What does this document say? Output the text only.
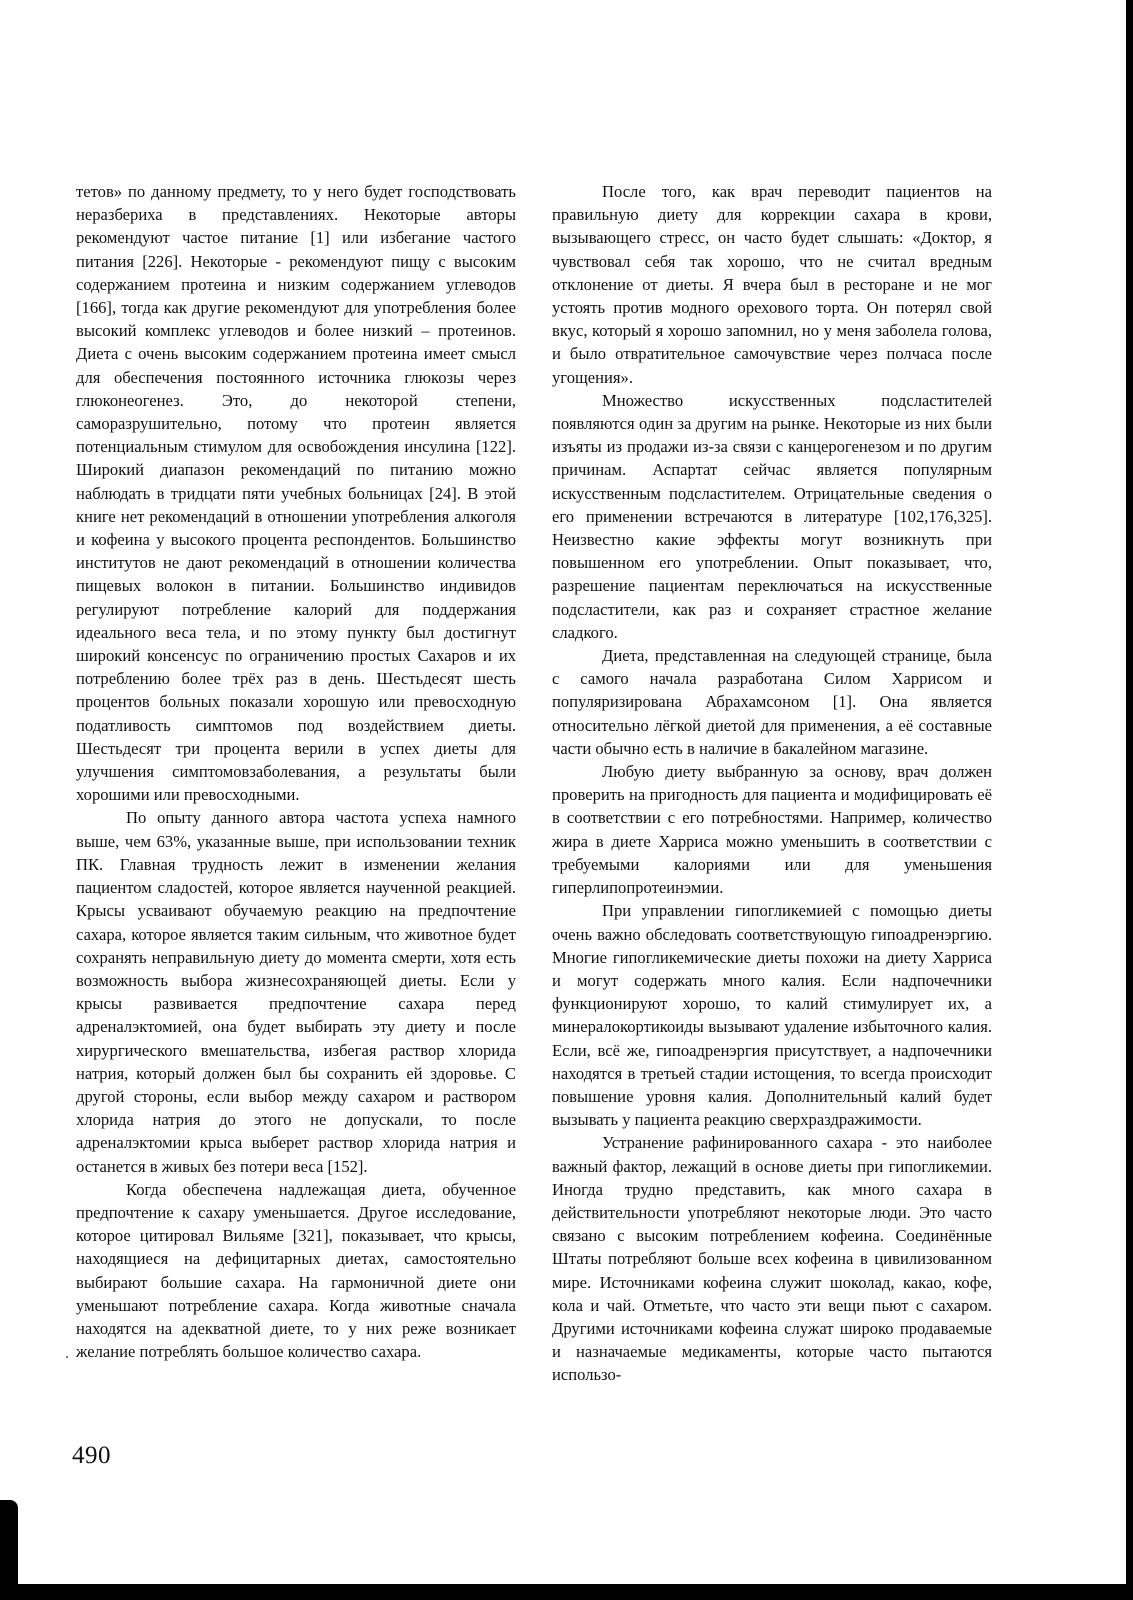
тетов» по данному предмету, то у него будет господствовать неразбериха в представлениях. Некоторые авторы рекомендуют частое питание [1] или избегание частого питания [226]. Некоторые - рекомендуют пищу с высоким содержанием протеина и низким содержанием углеводов [166], тогда как другие рекомендуют для употребления более высокий комплекс углеводов и более низкий – протеинов. Диета с очень высоким содержанием протеина имеет смысл для обеспечения постоянного источника глюкозы через глюконеогенез. Это, до некоторой степени, саморазрушительно, потому что протеин является потенциальным стимулом для освобождения инсулина [122]. Широкий диапазон рекомендаций по питанию можно наблюдать в тридцати пяти учебных больницах [24]. В этой книге нет рекомендаций в отношении употребления алкоголя и кофеина у высокого процента респондентов. Большинство институтов не дают рекомендаций в отношении количества пищевых волокон в питании. Большинство индивидов регулируют потребление калорий для поддержания идеального веса тела, и по этому пункту был достигнут широкий консенсус по ограничению простых Сахаров и их потреблению более трёх раз в день. Шестьдесят шесть процентов больных показали хорошую или превосходную податливость симптомов под воздействием диеты. Шестьдесят три процента верили в успех диеты для улучшения симптомовзаболевания, а результаты были хорошими или превосходными.

По опыту данного автора частота успеха намного выше, чем 63%, указанные выше, при использовании техник ПК. Главная трудность лежит в изменении желания пациентом сладостей, которое является наученной реакцией. Крысы усваивают обучаемую реакцию на предпочтение сахара, которое является таким сильным, что животное будет сохранять неправильную диету до момента смерти, хотя есть возможность выбора жизнесохраняющей диеты. Если у крысы развивается предпочтение сахара перед адреналэктомией, она будет выбирать эту диету и после хирургического вмешательства, избегая раствор хлорида натрия, который должен был бы сохранить ей здоровье. С другой стороны, если выбор между сахаром и раствором хлорида натрия до этого не допускали, то после адреналэктомии крыса выберет раствор хлорида натрия и останется в живых без потери веса [152].

Когда обеспечена надлежащая диета, обученное предпочтение к сахару уменьшается. Другое исследование, которое цитировал Вильяме [321], показывает, что крысы, находящиеся на дефицитарных диетах, самостоятельно выбирают большие сахара. На гармоничной диете они уменьшают потребление сахара. Когда животные сначала находятся на адекватной диете, то у них реже возникает желание потреблять большое количество сахара.

После того, как врач переводит пациентов на правильную диету для коррекции сахара в крови, вызывающего стресс, он часто будет слышать: «Доктор, я чувствовал себя так хорошо, что не считал вредным отклонение от диеты. Я вчера был в ресторане и не мог устоять против модного орехового торта. Он потерял свой вкус, который я хорошо запомнил, но у меня заболела голова, и было отвратительное самочувствие через полчаса после угощения».

Множество искусственных подсластителей появляются один за другим на рынке. Некоторые из них были изъяты из продажи из-за связи с канцерогенезом и по другим причинам. Аспартат сейчас является популярным искусственным подсластителем. Отрицательные сведения о его применении встречаются в литературе [102,176,325]. Неизвестно какие эффекты могут возникнуть при повышенном его употреблении. Опыт показывает, что, разрешение пациентам переключаться на искусственные подсластители, как раз и сохраняет страстное желание сладкого.

Диета, представленная на следующей странице, была с самого начала разработана Силом Харрисом и популяризирована Абрахамсоном [1]. Она является относительно лёгкой диетой для применения, а её составные части обычно есть в наличие в бакалейном магазине.

Любую диету выбранную за основу, врач должен проверить на пригодность для пациента и модифицировать её в соответствии с его потребностями. Например, количество жира в диете Харриса можно уменьшить в соответствии с требуемыми калориями или для уменьшения гиперлипопротеинэмии.

При управлении гипогликемией с помощью диеты очень важно обследовать соответствующую гипоадренэргию. Многие гипогликемические диеты похожи на диету Харриса и могут содержать много калия. Если надпочечники функционируют хорошо, то калий стимулирует их, а минералокортикоиды вызывают удаление избыточного калия. Если, всё же, гипоадренэргия присутствует, а надпочечники находятся в третьей стадии истощения, то всегда происходит повышение уровня калия. Дополнительный калий будет вызывать у пациента реакцию сверхраздражимости.

Устранение рафинированного сахара - это наиболее важный фактор, лежащий в основе диеты при гипогликемии. Иногда трудно представить, как много сахара в действительности употребляют некоторые люди. Это часто связано с высоким потреблением кофеина. Соединённые Штаты потребляют больше всех кофеина в цивилизованном мире. Источниками кофеина служит шоколад, какао, кофе, кола и чай. Отметьте, что часто эти вещи пьют с сахаром. Другими источниками кофеина служат широко продаваемые и назначаемые медикаменты, которые часто пытаются использо-

490
